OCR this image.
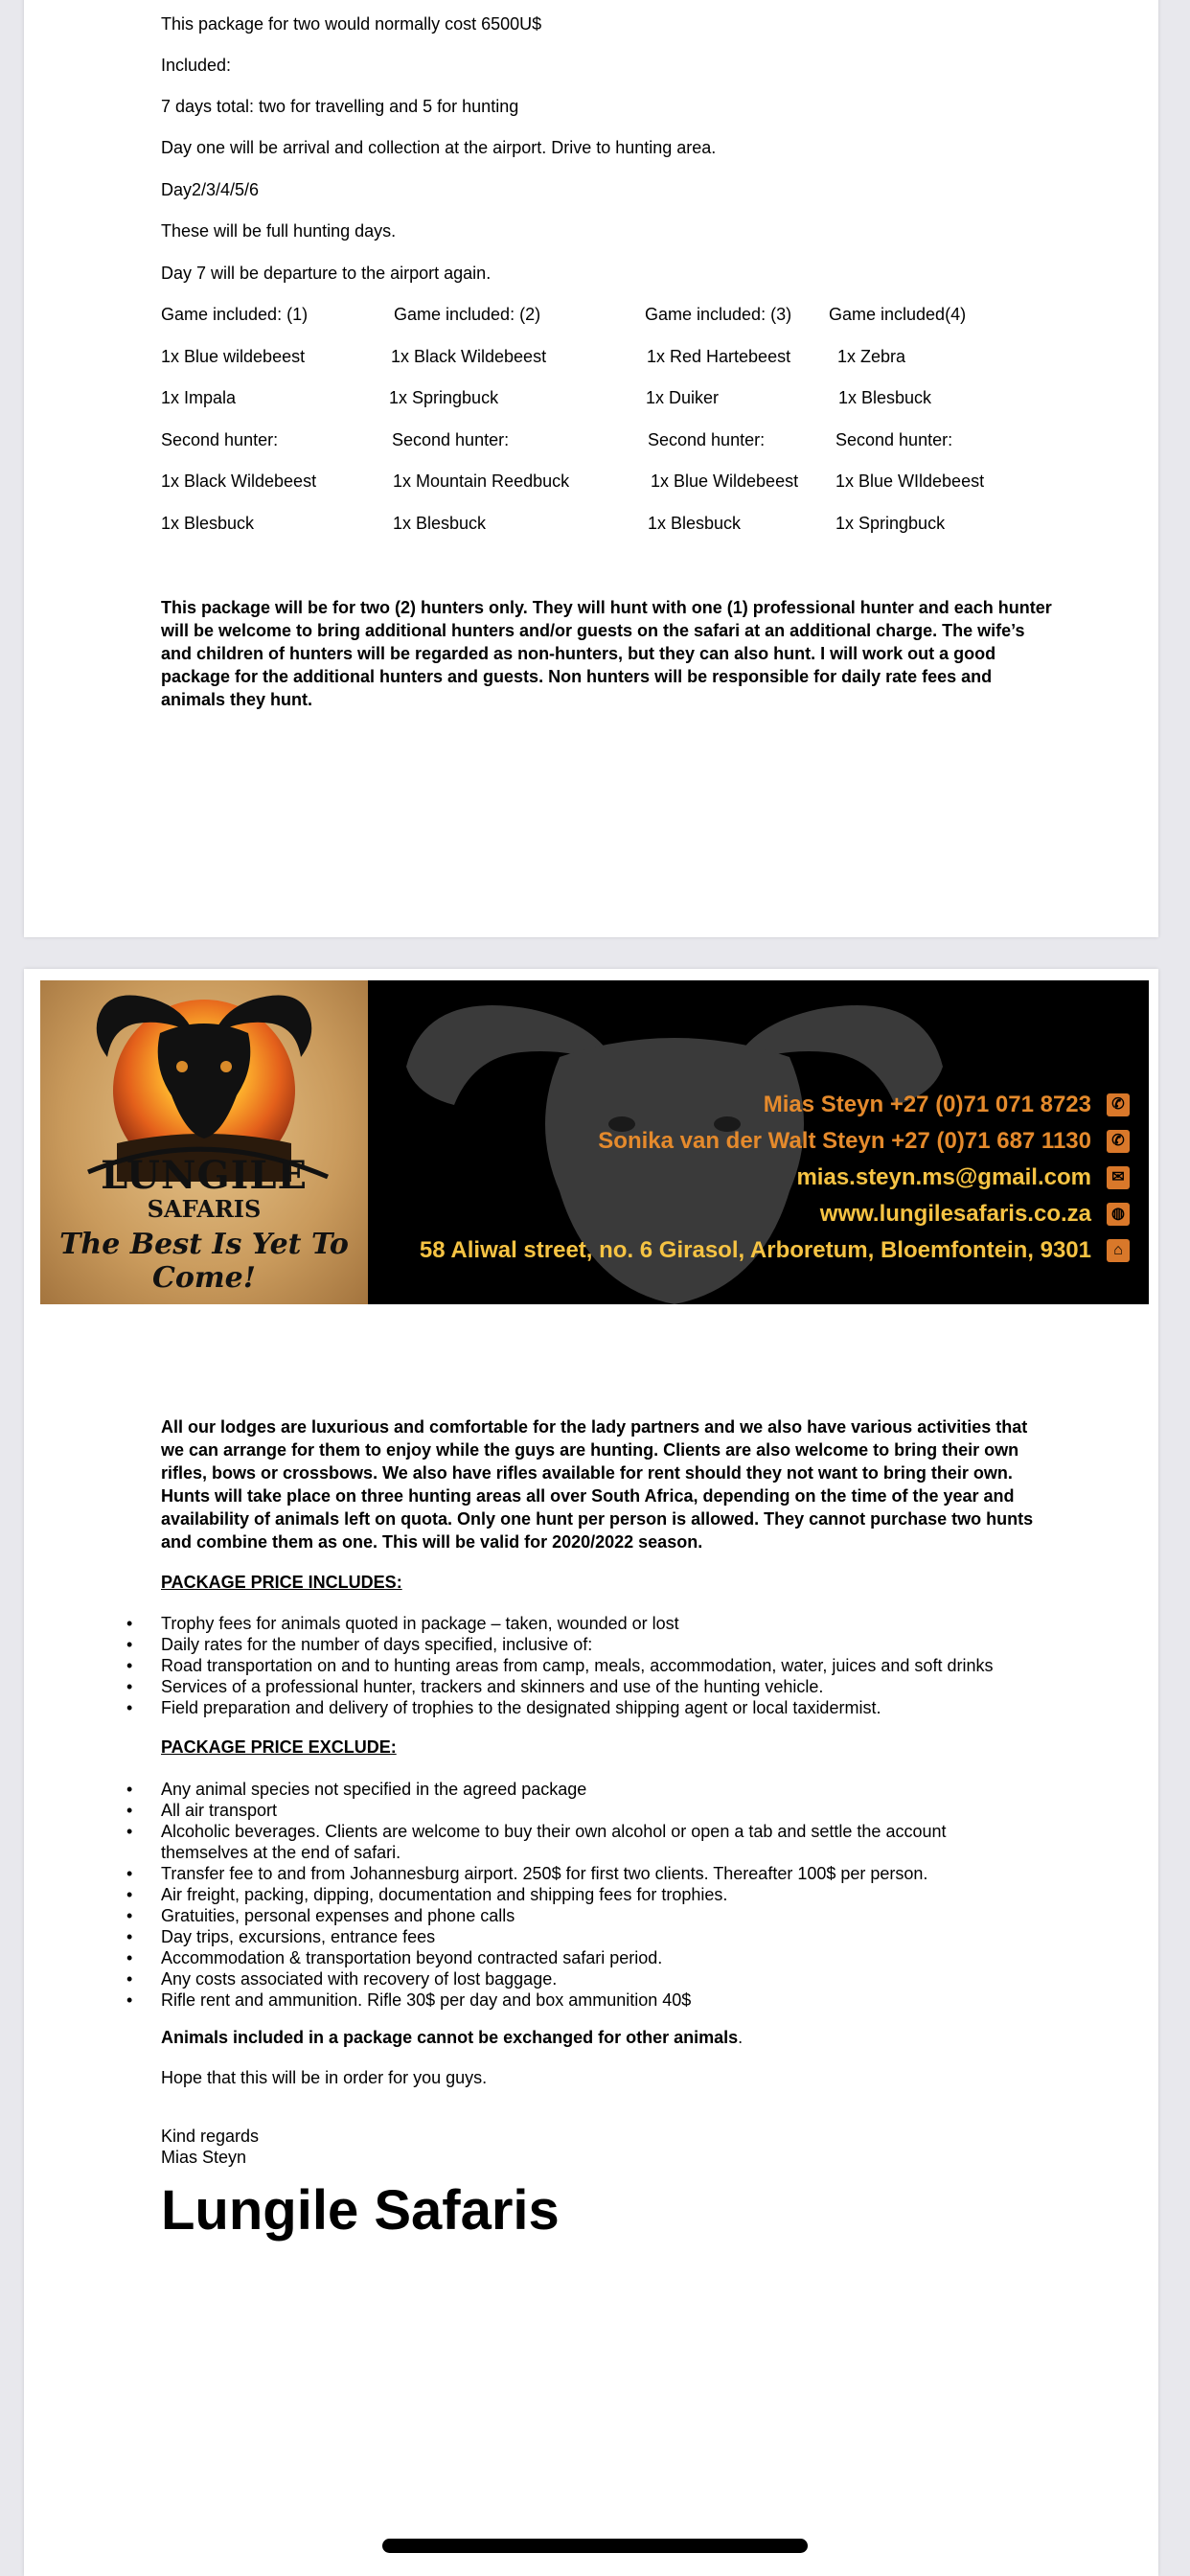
This package for two would normally cost 6500U$
Included:
7 days total: two for travelling and 5 for hunting
Day one will be arrival and collection at the airport. Drive to hunting area.
Day2/3/4/5/6
These will be full hunting days.
Day 7 will be departure to the airport again.
Game included: (1)	Game included: (2)	Game included: (3) Game included(4)
1x Blue wildebeest	1x Black Wildebeest	1x Red Hartebeest	1x Zebra
1x Impala	1x Springbuck	1x Duiker	1x Blesbuck
Second hunter:	Second hunter:	Second hunter:	Second hunter:
1x Black Wildebeest	1x Mountain Reedbuck	1x Blue Wildebeest 1x Blue WIldebeest
1x Blesbuck	1x Blesbuck	1x Blesbuck	1x Springbuck
This package will be for two (2) hunters only. They will hunt with one (1) professional hunter and each hunter will be welcome to bring additional hunters and/or guests on the safari at an additional charge. The wife’s and children of hunters will be regarded as non-hunters, but they can also hunt. I will work out a good package for the additional hunters and guests. Non hunters will be responsible for daily rate fees and animals they hunt.
LUNGILE
SAFARIS
The Best Is Yet To Come!
Mias Steyn +27 (0)71 071 8723	✆
Sonika van der Walt Steyn +27 (0)71 687 1130	✆
mias.steyn.ms@gmail.com	✉
www.lungilesafaris.co.za	◍
58 Aliwal street, no. 6 Girasol, Arboretum, Bloemfontein, 9301	⌂
All our lodges are luxurious and comfortable for the lady partners and we also have various activities that we can arrange for them to enjoy while the guys are hunting. Clients are also welcome to bring their own rifles, bows or crossbows. We also have rifles available for rent should they not want to bring their own. Hunts will take place on three hunting areas all over South Africa, depending on the time of the year and availability of animals left on quota. Only one hunt per person is allowed. They cannot purchase two hunts and combine them as one. This will be valid for 2020/2022 season.
PACKAGE PRICE INCLUDES:
• Trophy fees for animals quoted in package – taken, wounded or lost
• Daily rates for the number of days specified, inclusive of:
• Road transportation on and to hunting areas from camp, meals, accommodation, water, juices and soft drinks
• Services of a professional hunter, trackers and skinners and use of the hunting vehicle.
• Field preparation and delivery of trophies to the designated shipping agent or local taxidermist.
PACKAGE PRICE EXCLUDE:
• Any animal species not specified in the agreed package
• All air transport
• Alcoholic beverages. Clients are welcome to buy their own alcohol or open a tab and settle the account themselves at the end of safari.
• Transfer fee to and from Johannesburg airport. 250$ for first two clients. Thereafter 100$ per person.
• Air freight, packing, dipping, documentation and shipping fees for trophies.
• Gratuities, personal expenses and phone calls
• Day trips, excursions, entrance fees
• Accommodation & transportation beyond contracted safari period.
• Any costs associated with recovery of lost baggage.
• Rifle rent and ammunition. Rifle 30$ per day and box ammunition 40$
Animals included in a package cannot be exchanged for other animals.
Hope that this will be in order for you guys.
Kind regards
Mias Steyn
Lungile Safaris
